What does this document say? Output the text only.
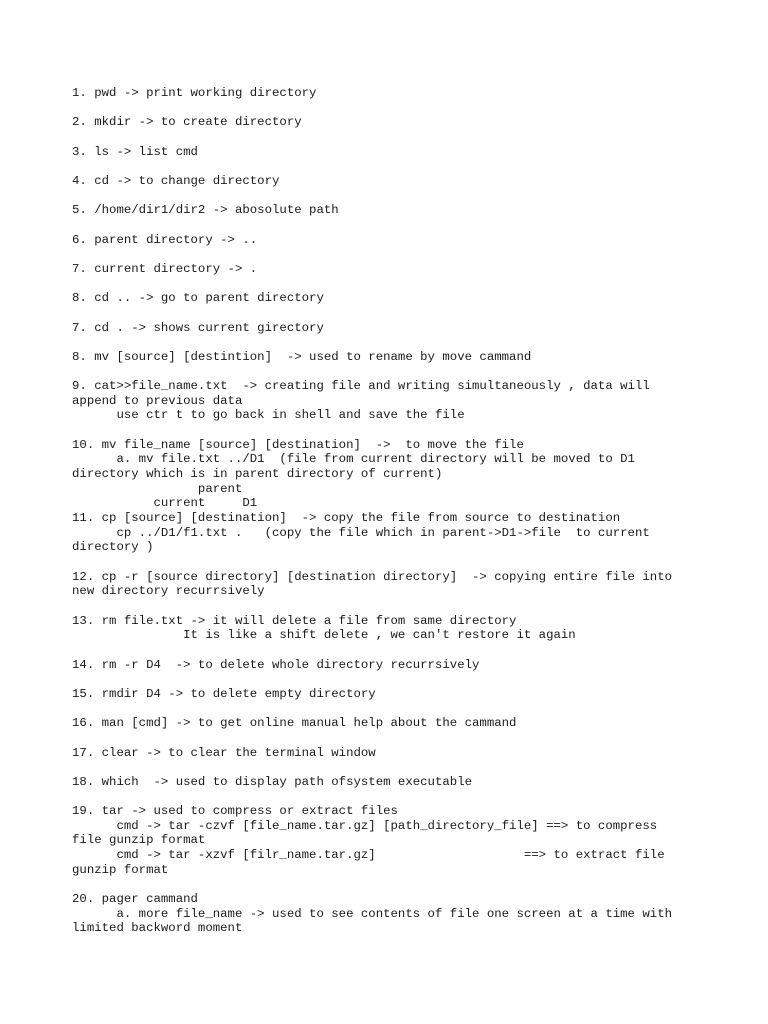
1. pwd -> print working directory

2. mkdir -> to create directory

3. ls -> list cmd

4. cd -> to change directory

5. /home/dir1/dir2 -> abosolute path

6. parent directory -> ..

7. current directory -> .

8. cd .. -> go to parent directory

7. cd . -> shows current girectory

8. mv [source] [destintion]  -> used to rename by move cammand

9. cat>>file_name.txt  -> creating file and writing simultaneously , data will
append to previous data
use ctr t to go back in shell and save the file

10. mv file_name [source] [destination]  ->  to move the file
a. mv file.txt ../D1  (file from current directory will be moved to D1
directory which is in parent directory of current)
parent
current     D1
11. cp [source] [destination]  -> copy the file from source to destination
cp ../D1/f1.txt .   (copy the file which in parent->D1->file  to current
directory )

12. cp -r [source directory] [destination directory]  -> copying entire file into
new directory recurrsively

13. rm file.txt -> it will delete a file from same directory
It is like a shift delete , we can't restore it again

14. rm -r D4  -> to delete whole directory recurrsively

15. rmdir D4 -> to delete empty directory

16. man [cmd] -> to get online manual help about the cammand

17. clear -> to clear the terminal window

18. which  -> used to display path ofsystem executable

19. tar -> used to compress or extract files
cmd -> tar -czvf [file_name.tar.gz] [path_directory_file] ==> to compress
file gunzip format
cmd -> tar -xzvf [filr_name.tar.gz]                    ==> to extract file
gunzip format

20. pager cammand
a. more file_name -> used to see contents of file one screen at a time with
limited backword moment
